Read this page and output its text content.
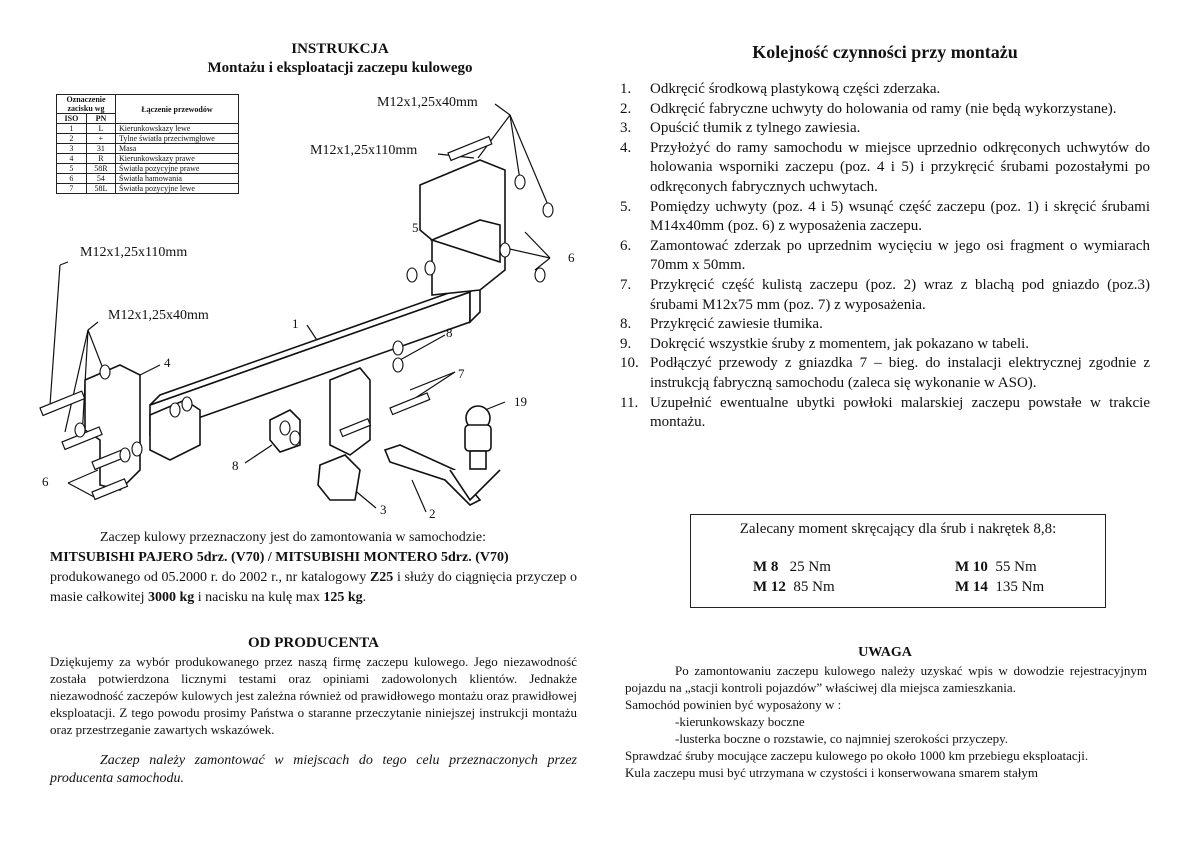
INSTRUKCJA
Montażu i eksploatacji zaczepu kulowego
Oznaczenie zacisku wg		Łączenie przewodów
ISO	PN	
1	L	Kierunkowskazy lewe
2	+	Tylne światła przeciwmgłowe
3	31	Masa
4	R	Kierunkowskazy prawe
5	58R	Światła pozycyjne prawe
6	54	Światła hamowania
7	58L	Światła pozycyjne lewe
M12x1,25x40mm
M12x1,25x110mm
M12x1,25x110mm
M12x1,25x40mm
1
2
3
4
5
6
6
7
8
8
19
Zaczep kulowy przeznaczony jest do zamontowania w samochodzie:
MITSUBISHI PAJERO 5drz. (V70) / MITSUBISHI MONTERO 5drz. (V70)
produkowanego od 05.2000 r. do 2002 r., nr katalogowy Z25 i służy do ciągnięcia przyczep o masie całkowitej 3000 kg i nacisku na kulę max 125 kg.
OD PRODUCENTA
Dziękujemy za wybór produkowanego przez naszą firmę zaczepu kulowego. Jego niezawodność została potwierdzona licznymi testami oraz opiniami zadowolonych klientów. Jednakże niezawodność zaczepów kulowych jest zależna również od prawidłowego montażu oraz prawidłowej eksploatacji. Z tego powodu prosimy Państwa o staranne przeczytanie niniejszej instrukcji montażu oraz przestrzeganie zawartych wskazówek.
Zaczep należy zamontować w miejscach do tego celu przeznaczonych przez producenta samochodu.
Kolejność czynności przy montażu
1.	Odkręcić środkową plastykową części zderzaka.
2.	Odkręcić fabryczne uchwyty do holowania od ramy (nie będą wykorzystane).
3.	Opuścić tłumik z tylnego zawiesia.
4.	Przyłożyć do ramy samochodu w miejsce uprzednio odkręconych uchwytów do holowania wsporniki zaczepu (poz. 4 i 5) i przykręcić śrubami pozostałymi po odkręconych fabrycznych uchwytach.
5.	Pomiędzy uchwyty (poz. 4 i 5) wsunąć część zaczepu (poz. 1) i skręcić śrubami M14x40mm (poz. 6) z wyposażenia zaczepu.
6.	Zamontować zderzak po uprzednim wycięciu w jego osi fragment o wymiarach 70mm x 50mm.
7.	Przykręcić część kulistą zaczepu (poz. 2) wraz z blachą pod gniazdo (poz.3) śrubami M12x75 mm (poz. 7) z wyposażenia.
8.	Przykręcić zawiesie tłumika.
9.	Dokręcić wszystkie śruby z momentem, jak pokazano w tabeli.
10. Podłączyć przewody z gniazdka 7 – bieg. do instalacji elektrycznej zgodnie z instrukcją fabryczną samochodu (zaleca się wykonanie w ASO).
11. Uzupełnić ewentualne ubytki powłoki malarskiej zaczepu powstałe w trakcie montażu.
Zalecany moment skręcający dla śrub i nakrętek 8,8:
M 8 25 Nm
M 12 85 Nm
M 10 55 Nm
M 14 135 Nm
UWAGA
Po zamontowaniu zaczepu kulowego należy uzyskać wpis w dowodzie rejestracyjnym pojazdu na „stacji kontroli pojazdów” właściwej dla miejsca zamieszkania.
Samochód powinien być wyposażony w :
-kierunkowskazy boczne
-lusterka boczne o rozstawie, co najmniej szerokości przyczepy.
Sprawdzać śruby mocujące zaczepu kulowego po około 1000 km przebiegu eksploatacji.
Kula zaczepu musi być utrzymana w czystości i konserwowana smarem stałym
